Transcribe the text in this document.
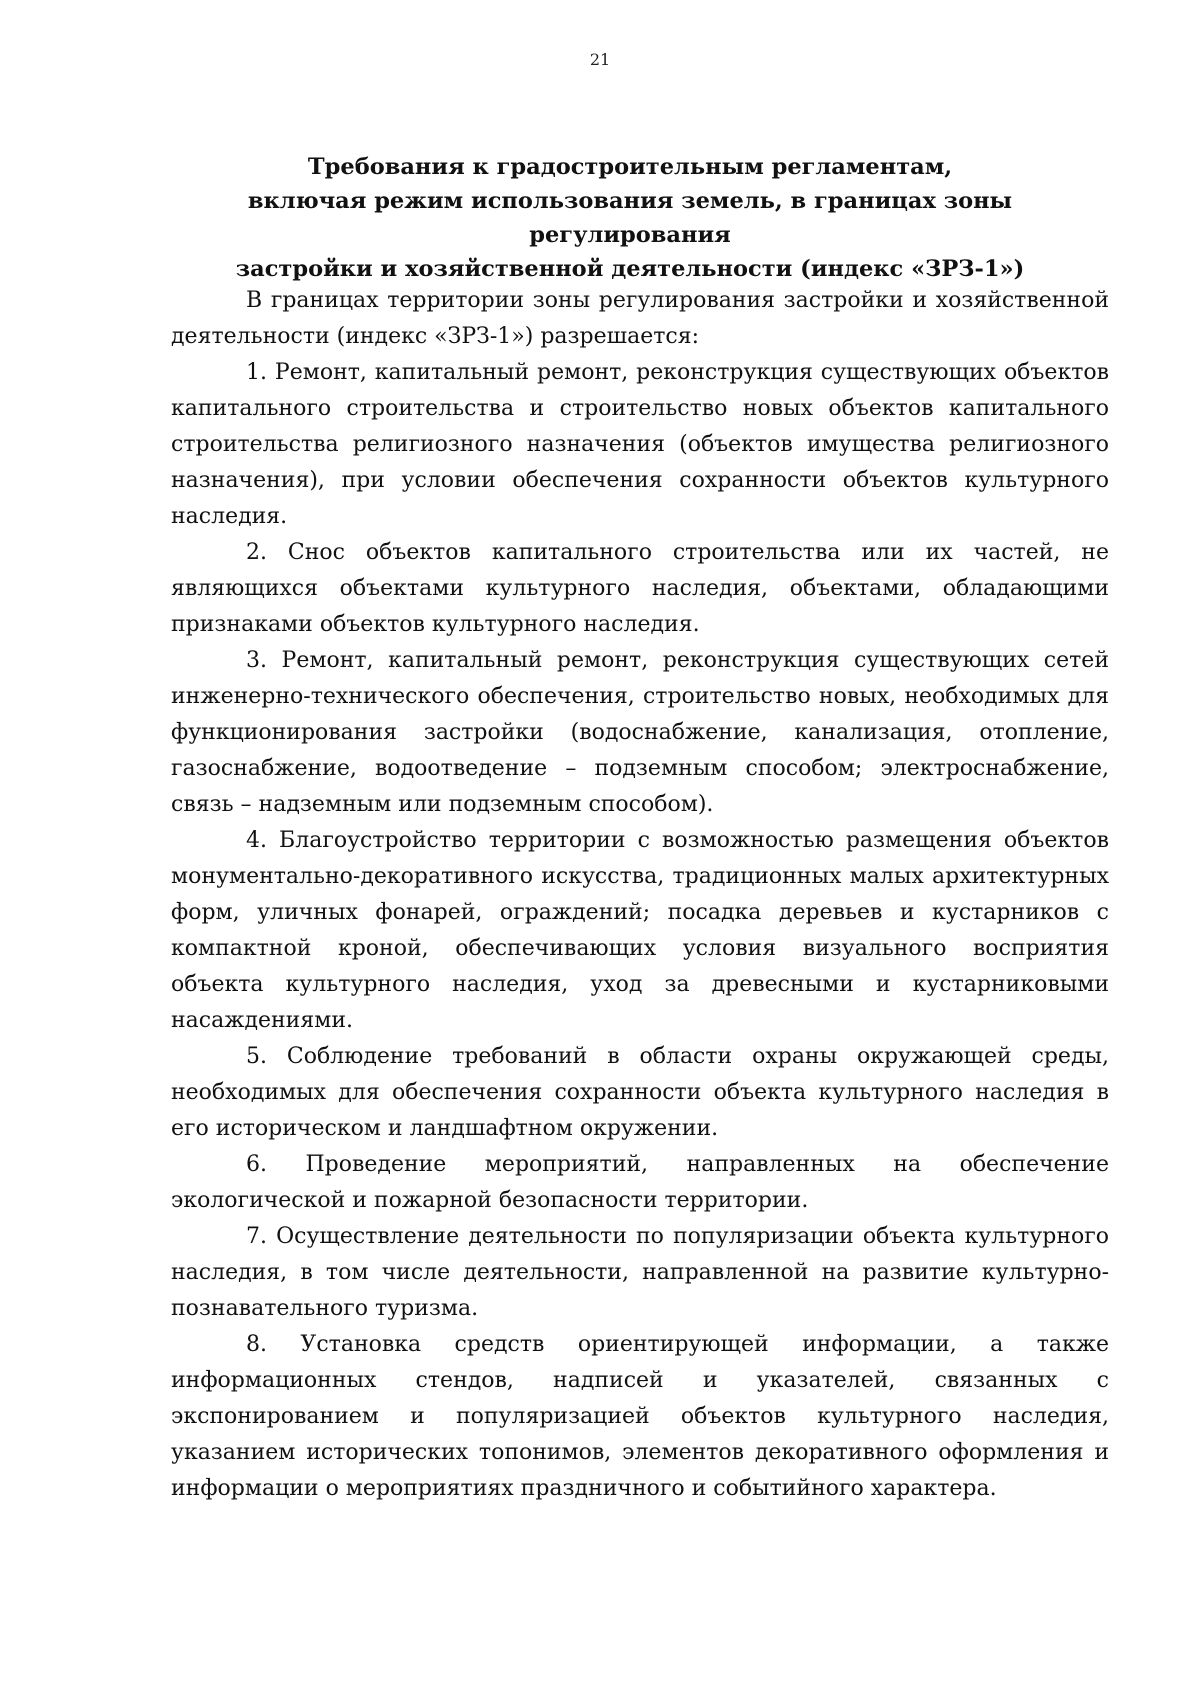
21
Требования к градостроительным регламентам,
включая режим использования земель, в границах зоны регулирования
застройки и хозяйственной деятельности (индекс «ЗРЗ-1»)

В границах территории зоны регулирования застройки и хозяйственной деятельности (индекс «ЗРЗ-1») разрешается:

1. Ремонт, капитальный ремонт, реконструкция существующих объектов капитального строительства и строительство новых объектов капитального строительства религиозного назначения (объектов имущества религиозного назначения), при условии обеспечения сохранности объектов культурного наследия.

2. Снос объектов капитального строительства или их частей, не являющихся объектами культурного наследия, объектами, обладающими признаками объектов культурного наследия.

3. Ремонт, капитальный ремонт, реконструкция существующих сетей инженерно-технического обеспечения, строительство новых, необходимых для функционирования застройки (водоснабжение, канализация, отопление, газоснабжение, водоотведение – подземным способом; электроснабжение, связь – надземным или подземным способом).

4. Благоустройство территории с возможностью размещения объектов монументально-декоративного искусства, традиционных малых архитектурных форм, уличных фонарей, ограждений; посадка деревьев и кустарников с компактной кроной, обеспечивающих условия визуального восприятия объекта культурного наследия, уход за древесными и кустарниковыми насаждениями.

5. Соблюдение требований в области охраны окружающей среды, необходимых для обеспечения сохранности объекта культурного наследия в его историческом и ландшафтном окружении.

6. Проведение мероприятий, направленных на обеспечение экологической и пожарной безопасности территории.

7. Осуществление деятельности по популяризации объекта культурного наследия, в том числе деятельности, направленной на развитие культурно-познавательного туризма.

8. Установка средств ориентирующей информации, а также информационных стендов, надписей и указателей, связанных с экспонированием и популяризацией объектов культурного наследия, указанием исторических топонимов, элементов декоративного оформления и информации о мероприятиях праздничного и событийного характера.
